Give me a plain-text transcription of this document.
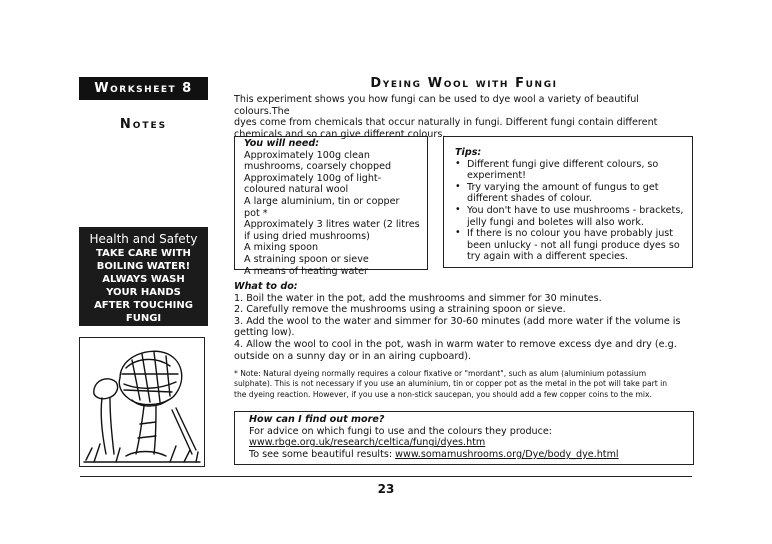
Worksheet 8
Notes
Health and Safety
TAKE CARE WITH
BOILING WATER!
ALWAYS WASH
YOUR HANDS
AFTER TOUCHING
FUNGI
Dyeing Wool with Fungi
This experiment shows you how fungi can be used to dye wool a variety of beautiful colours.The
dyes come from chemicals that occur naturally in fungi. Different fungi contain different
chemicals and so can give different colours.
You will need:
Approximately 100g clean
mushrooms, coarsely chopped
Approximately 100g of light-
coloured natural wool
A large aluminium, tin or copper
pot *
Approximately 3 litres water (2 litres
if using dried mushrooms)
A mixing spoon
A straining spoon or sieve
A means of heating water
Tips:
• Different fungi give different colours, so
experiment!
• Try varying the amount of fungus to get
different shades of colour.
• You don't have to use mushrooms - brackets,
jelly fungi and boletes will also work.
• If there is no colour you have probably just
been unlucky - not all fungi produce dyes so
try again with a different species.
What to do:
1. Boil the water in the pot, add the mushrooms and simmer for 30 minutes.
2. Carefully remove the mushrooms using a straining spoon or sieve.
3. Add the wool to the water and simmer for 30-60 minutes (add more water if the volume is
getting low).
4. Allow the wool to cool in the pot, wash in warm water to remove excess dye and dry (e.g.
outside on a sunny day or in an airing cupboard).
* Note: Natural dyeing normally requires a colour fixative or "mordant", such as alum (aluminium potassium
sulphate). This is not necessary if you use an aluminium, tin or copper pot as the metal in the pot will take part in
the dyeing reaction. However, if you use a non-stick saucepan, you should add a few copper coins to the mix.
How can I find out more?
For advice on which fungi to use and the colours they produce:
www.rbge.org.uk/research/celtica/fungi/dyes.htm
To see some beautiful results: www.somamushrooms.org/Dye/body_dye.html
23
